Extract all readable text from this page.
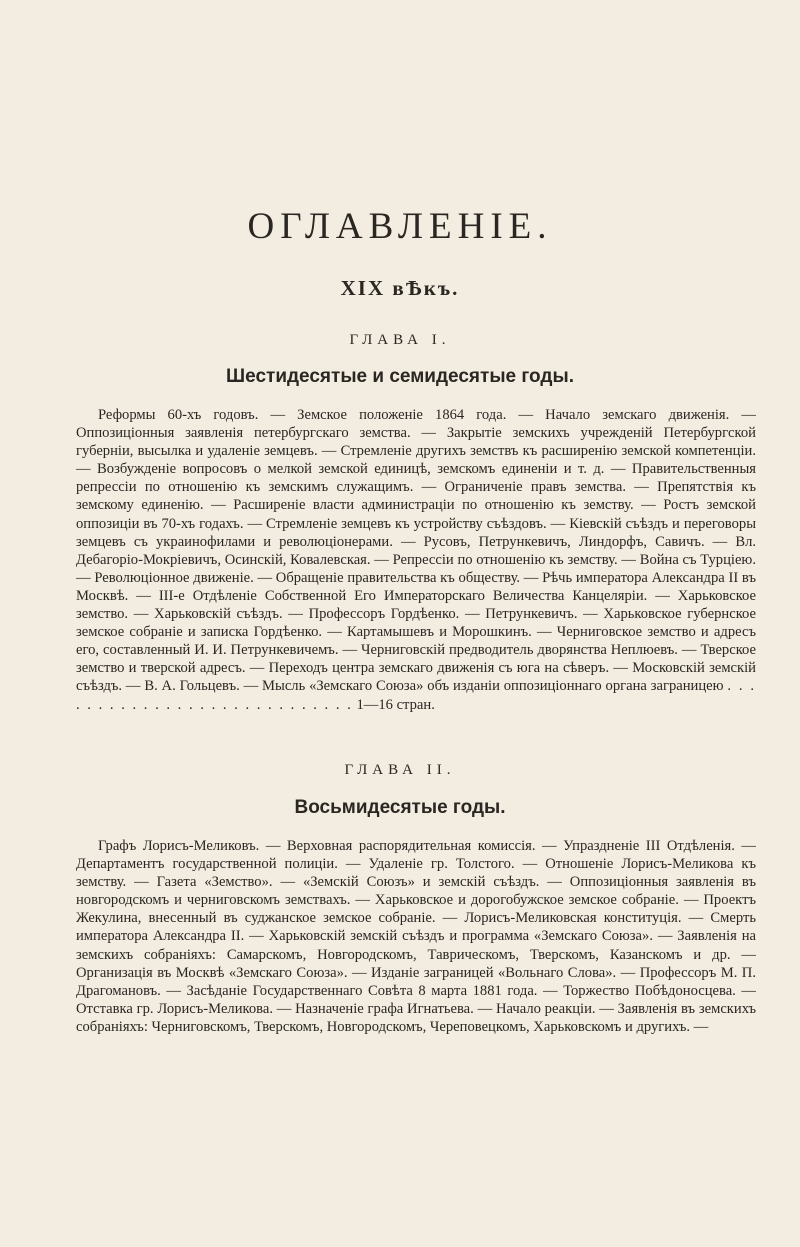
ОГЛАВЛЕНІЕ.
XIX вѢкъ.
ГЛАВА I.
Шестидесятые и семидесятые годы.
Реформы 60-хъ годовъ. — Земское положеніе 1864 года. — Начало земскаго движенія. — Оппозиціонныя заявленія петербургскаго земства. — Закрытіе земскихъ учрежденій Петербургской губерніи, высылка и удаленіе земцевъ. — Стремленіе другихъ земствъ къ расширенію земской компетенціи. — Возбужденіе вопросовъ о мелкой земской единицѣ, земскомъ единеніи и т. д. — Правительственныя репрессіи по отношенію къ земскимъ служащимъ. — Ограниченіе правъ земства. — Препятствія къ земскому единенію. — Расширеніе власти администраціи по отношенію къ земству. — Ростъ земской оппозиціи въ 70-хъ годахъ. — Стремленіе земцевъ къ устройству съѣздовъ. — Кіевскій съѣздъ и переговоры земцевъ съ украинофилами и революціонерами. — Русовъ, Петрункевичъ, Линдорфъ, Савичъ. — Вл. Дебагоріо-Мокріевичъ, Осинскій, Ковалевская. — Репрессіи по отношенію къ земству. — Война съ Турціею. — Революціонное движеніе. — Обращеніе правительства къ обществу. — Рѣчь императора Александра II въ Москвѣ. — III-е Отдѣленіе Собственной Его Императорскаго Величества Канцеляріи. — Харьковское земство. — Харьковскій съѣздъ. — Профессоръ Гордѣенко. — Петрункевичъ. — Харьковское губернское земское собраніе и записка Гордѣенко. — Картамышевъ и Морошкинъ. — Черниговское земство и адресъ его, составленный И. И. Петрункевичемъ. — Черниговскій предводитель дворянства Неплюевъ. — Тверское земство и тверской адресъ. — Переходъ центра земскаго движенія съ юга на сѣверъ. — Московскій земскій съѣздъ. — В. А. Гольцевъ. — Мысль «Земскаго Союза» объ изданіи оппозиціоннаго органа заграницею . . . . . . . . . . . . . . . . . . . . . . . . . . . . 1—16 стран.
ГЛАВА II.
Восьмидесятые годы.
Графъ Лорисъ-Меликовъ. — Верховная распорядительная комиссія. — Упраздненіе III Отдѣленія. — Департаментъ государственной полиціи. — Удаленіе гр. Толстого. — Отношеніе Лорисъ-Меликова къ земству. — Газета «Земство». — «Земскій Союзъ» и земскій съѣздъ. — Оппозиціонныя заявленія въ новгородскомъ и черниговскомъ земствахъ. — Харьковское и дорогобужское земское собраніе. — Проектъ Жекулина, внесенный въ суджанское земское собраніе. — Лорисъ-Меликовская конституція. — Смерть императора Александра II. — Харьковскій земскій съѣздъ и программа «Земскаго Союза». — Заявленія на земскихъ собраніяхъ: Самарскомъ, Новгородскомъ, Таврическомъ, Тверскомъ, Казанскомъ и др. — Организація въ Москвѣ «Земскаго Союза». — Изданіе заграницей «Вольнаго Слова». — Профессоръ М. П. Драгомановъ. — Засѣданіе Государственнаго Совѣта 8 марта 1881 года. — Торжество Побѣдоносцева. — Отставка гр. Лорисъ-Меликова. — Назначеніе графа Игнатьева. — Начало реакціи. — Заявленія въ земскихъ собраніяхъ: Черниговскомъ, Тверскомъ, Новгородскомъ, Череповецкомъ, Харьковскомъ и другихъ. —
